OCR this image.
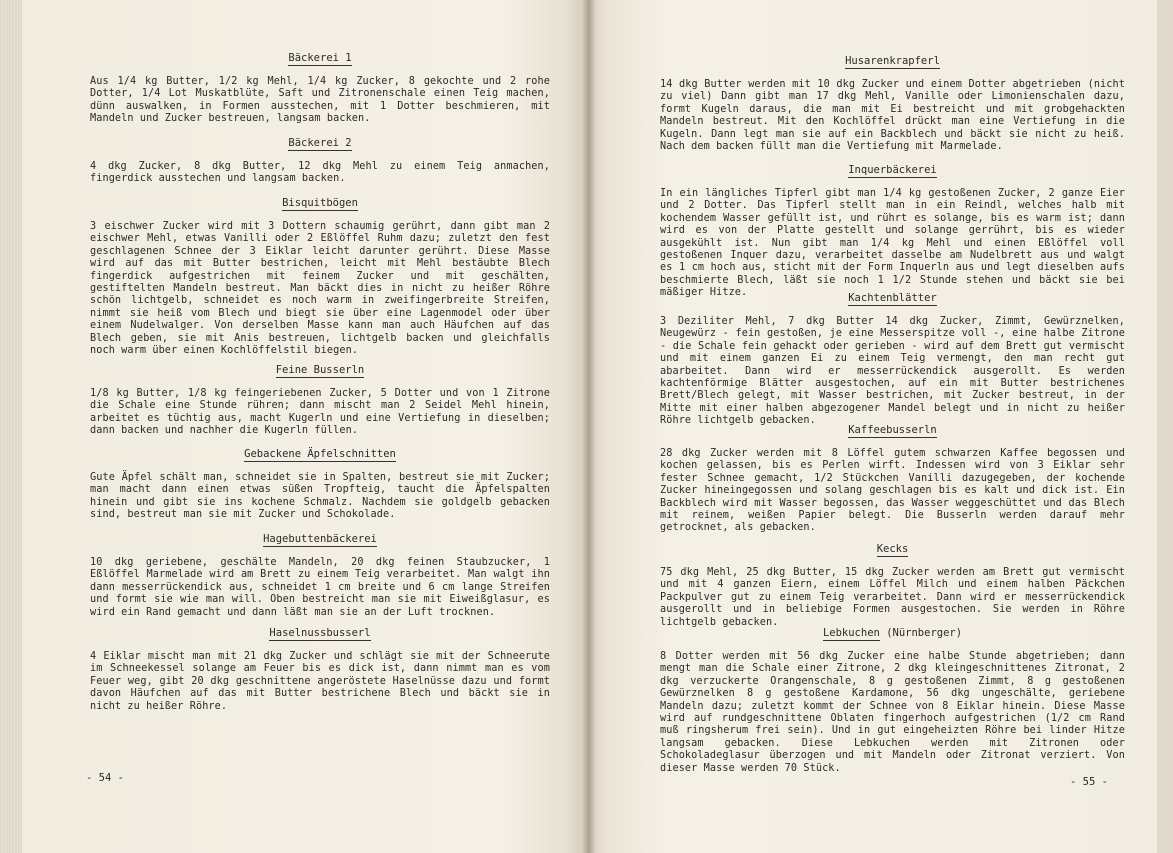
Bäckerei 1

Aus 1/4 kg Butter, 1/2 kg Mehl, 1/4 kg Zucker, 8 gekochte und 2 rohe Dotter, 1/4 Lot Muskatblüte, Saft und Zitronenschale einen Teig machen, dünn auswalken, in Formen ausstechen, mit 1 Dotter beschmieren, mit Mandeln und Zucker bestreuen, langsam backen.

Bäckerei 2

4 dkg Zucker, 8 dkg Butter, 12 dkg Mehl zu einem Teig anmachen, fingerdick ausstechen und langsam backen.

Bisquitbögen

3 eischwer Zucker wird mit 3 Dottern schaumig gerührt, dann gibt man 2 eischwer Mehl, etwas Vanilli oder 2 Eßlöffel Ruhm dazu; zuletzt den fest geschlagenen Schnee der 3 Eiklar leicht darunter gerührt. Diese Masse wird auf das mit Butter bestrichen, leicht mit Mehl bestäubte Blech fingerdick aufgestrichen mit feinem Zucker und mit geschälten, gestiftelten Mandeln bestreut. Man bäckt dies in nicht zu heißer Röhre schön lichtgelb, schneidet es noch warm in zweifingerbreite Streifen, nimmt sie heiß vom Blech und biegt sie über eine Lagenmodel oder über einem Nudelwalger. Von derselben Masse kann man auch Häufchen auf das Blech geben, sie mit Anis bestreuen, lichtgelb backen und gleichfalls noch warm über einen Kochlöffelstil biegen.

Feine Busserln

1/8 kg Butter, 1/8 kg feingeriebenen Zucker, 5 Dotter und von 1 Zitrone die Schale eine Stunde rühren; dann mischt man 2 Seidel Mehl hinein, arbeitet es tüchtig aus, macht Kugerln und eine Vertiefung in dieselben; dann backen und nachher die Kugerln füllen.

Gebackene Äpfelschnitten

Gute Äpfel schält man, schneidet sie in Spalten, bestreut sie mit Zucker; man macht dann einen etwas süßen Tropfteig, taucht die Äpfelspalten hinein und gibt sie ins kochene Schmalz. Nachdem sie goldgelb gebacken sind, bestreut man sie mit Zucker und Schokolade.

Hagebuttenbäckerei

10 dkg geriebene, geschälte Mandeln, 20 dkg feinen Staubzucker, 1 Eßlöffel Marmelade wird am Brett zu einem Teig verarbeitet. Man walgt ihn dann messerrückendick aus, schneidet 1 cm breite und 6 cm lange Streifen und formt sie wie man will. Oben bestreicht man sie mit Eiweißglasur, es wird ein Rand gemacht und dann läßt man sie an der Luft trocknen.

Haselnussbusserl

4 Eiklar mischt man mit 21 dkg Zucker und schlägt sie mit der Schneerute im Schneekessel solange am Feuer bis es dick ist, dann nimmt man es vom Feuer weg, gibt 20 dkg geschnittene angeröstete Haselnüsse dazu und formt davon Häufchen auf das mit Butter bestrichene Blech und bäckt sie in nicht zu heißer Röhre.

- 54 -
Husarenkrapferl

14 dkg Butter werden mit 10 dkg Zucker und einem Dotter abgetrieben (nicht zu viel) Dann gibt man 17 dkg Mehl, Vanille oder Limonienschalen dazu, formt Kugeln daraus, die man mit Ei bestreicht und mit grobgehackten Mandeln bestreut. Mit den Kochlöffel drückt man eine Vertiefung in die Kugeln. Dann legt man sie auf ein Backblech und bäckt sie nicht zu heiß. Nach dem backen füllt man die Vertiefung mit Marmelade.

Inquerbäckerei

In ein längliches Tipferl gibt man 1/4 kg gestoßenen Zucker, 2 ganze Eier und 2 Dotter. Das Tipferl stellt man in ein Reindl, welches halb mit kochendem Wasser gefüllt ist, und rührt es solange, bis es warm ist; dann wird es von der Platte gestellt und solange gerrührt, bis es wieder ausgekühlt ist. Nun gibt man 1/4 kg Mehl und einen Eßlöffel voll gestoßenen Inquer dazu, verarbeitet dasselbe am Nudelbrett aus und walgt es 1 cm hoch aus, sticht mit der Form Inquerln aus und legt dieselben aufs beschmierte Blech, läßt sie noch 1 1/2 Stunde stehen und bäckt sie bei mäßiger Hitze.	Kachtenblätter

3 Deziliter Mehl, 7 dkg Butter 14 dkg Zucker, Zimmt, Gewürznelken, Neugewürz - fein gestoßen, je eine Messerspitze voll -, eine halbe Zitrone - die Schale fein gehackt oder gerieben - wird auf dem Brett gut vermischt und mit einem ganzen Ei zu einem Teig vermengt, den man recht gut abarbeitet. Dann wird er messerrückendick ausgerollt. Es werden kachtenförmige Blätter ausgestochen, auf ein mit Butter bestrichenes Brett/Blech gelegt, mit Wasser bestrichen, mit Zucker bestreut, in der Mitte mit einer halben abgezogener Mandel belegt und in nicht zu heißer Röhre lichtgelb gebacken.

Kaffeebusserln

28 dkg Zucker werden mit 8 Löffel gutem schwarzen Kaffee begossen und kochen gelassen, bis es Perlen wirft. Indessen wird von 3 Eiklar sehr fester Schnee gemacht, 1/2 Stückchen Vanilli dazugegeben, der kochende Zucker hineingegossen und solang geschlagen bis es kalt und dick ist. Ein Backblech wird mit Wasser begossen, das Wasser weggeschüttet und das Blech mit reinem, weißen Papier belegt. Die Busserln werden darauf mehr getrocknet, als gebacken.

Kecks

75 dkg Mehl, 25 dkg Butter, 15 dkg Zucker werden am Brett gut vermischt und mit 4 ganzen Eiern, einem Löffel Milch und einem halben Päckchen Packpulver gut zu einem Teig verarbeitet. Dann wird er messerrückendick ausgerollt und in beliebige Formen ausgestochen. Sie werden in Röhre lichtgelb gebacken.

Lebkuchen (Nürnberger)

8 Dotter werden mit 56 dkg Zucker eine halbe Stunde abgetrieben; dann mengt man die Schale einer Zitrone, 2 dkg kleingeschnittenes Zitronat, 2 dkg verzuckerte Orangenschale, 8 g gestoßenen Zimmt, 8 g gestoßenen Gewürznelken 8 g gestoßene Kardamone, 56 dkg ungeschälte, geriebene Mandeln dazu; zuletzt kommt der Schnee von 8 Eiklar hinein. Diese Masse wird auf rundgeschnittene Oblaten fingerhoch aufgestrichen (1/2 cm Rand muß ringsherum frei sein). Und in gut eingeheizten Röhre bei linder Hitze langsam gebacken. Diese Lebkuchen werden mit Zitronen oder Schokoladeglasur überzogen und mit Mandeln oder Zitronat verziert. Von dieser Masse werden 70 Stück.

- 55 -
